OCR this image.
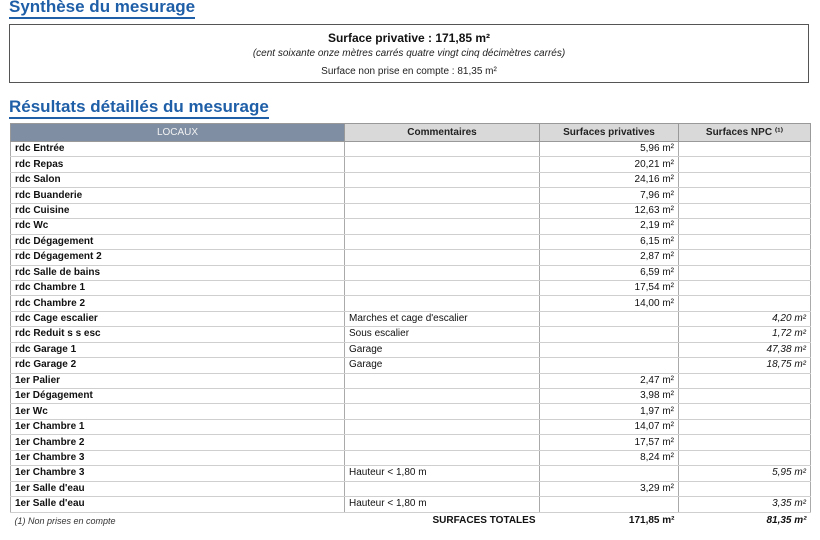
Synthèse du mesurage
Surface privative : 171,85 m²
(cent soixante onze mètres carrés quatre vingt cinq décimètres carrés)
Surface non prise en compte : 81,35 m²
Résultats détaillés du mesurage
LOCAUX	Commentaires	Surfaces privatives	Surfaces NPC ⁽¹⁾
rdc Entrée		5,96 m²	
rdc Repas		20,21 m²	
rdc Salon		24,16 m²	
rdc Buanderie		7,96 m²	
rdc Cuisine		12,63 m²	
rdc Wc		2,19 m²	
rdc Dégagement		6,15 m²	
rdc Dégagement 2		2,87 m²	
rdc Salle de bains		6,59 m²	
rdc Chambre 1		17,54 m²	
rdc Chambre 2		14,00 m²	
rdc Cage escalier	Marches et cage d'escalier		4,20 m²
rdc Reduit s s esc	Sous escalier		1,72 m²
rdc Garage 1	Garage		47,38 m²
rdc Garage 2	Garage		18,75 m²
1er Palier		2,47 m²	
1er Dégagement		3,98 m²	
1er Wc		1,97 m²	
1er Chambre 1		14,07 m²	
1er Chambre 2		17,57 m²	
1er Chambre 3		8,24 m²	
1er Chambre 3	Hauteur < 1,80 m		5,95 m²
1er Salle d'eau		3,29 m²	
1er Salle d'eau	Hauteur < 1,80 m		3,35 m²
(1) Non prises en compte	SURFACES TOTALES	171,85 m²	81,35 m²
